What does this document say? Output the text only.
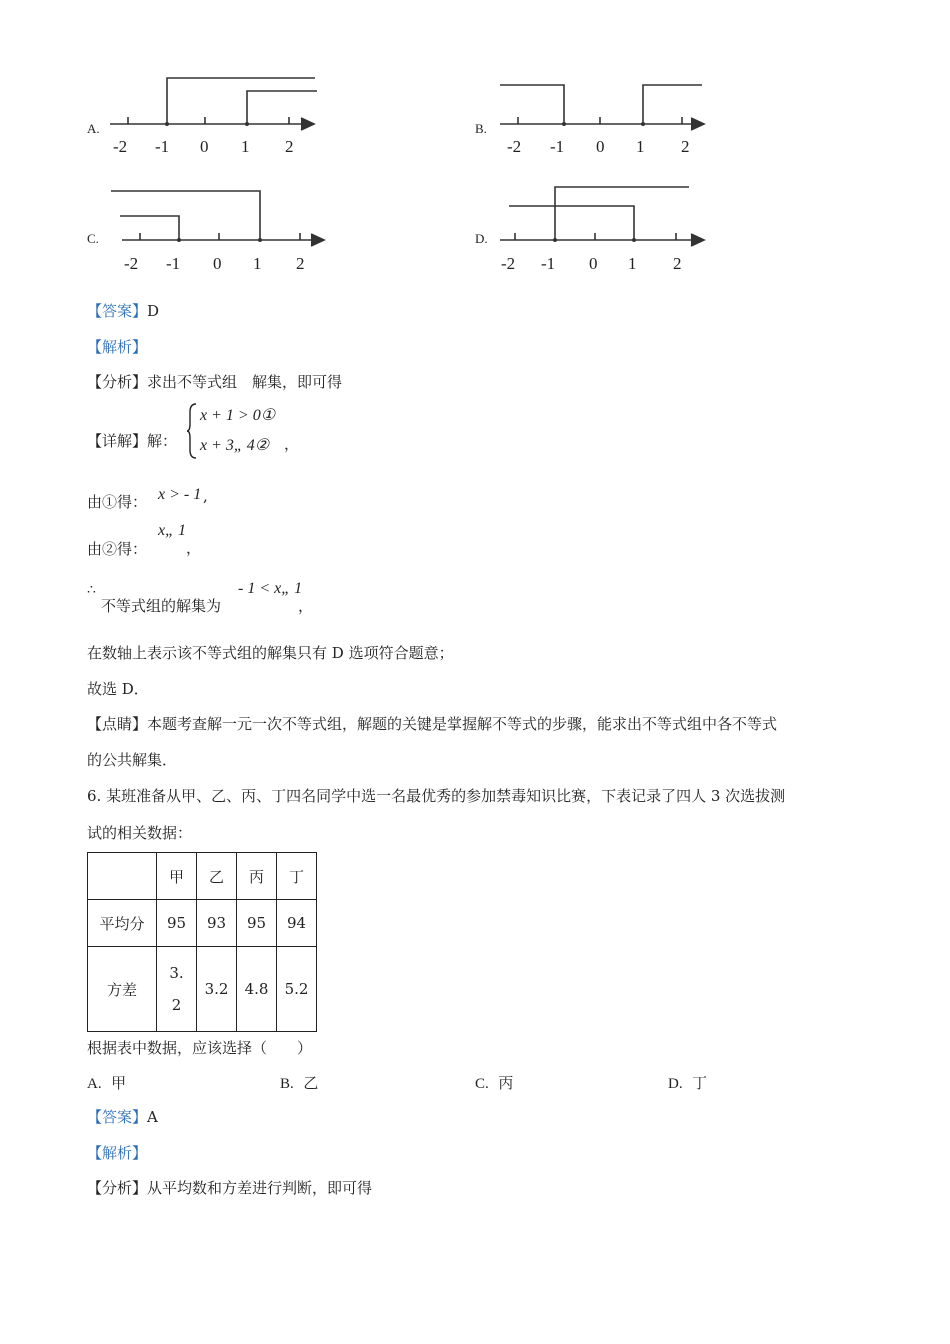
A.
-2 -1 0 1 2
B.
-2 -1 0 1 2
C.
-2 -1 0 1 2
D.
-2 -1 0 1 2
【答案】D
【解析】
【分析】求出不等式组　解集，即可得
【详解】解：
x + 1 > 0①
x + 3„ 4② ，
由①得： x > - 1 ,
由②得：
x„ 1
，
∴
不等式组的解集为
- 1 < x„ 1
，
在数轴上表示该不等式组的解集只有 D 选项符合题意；
故选 D．
【点睛】本题考查解一元一次不等式组，解题的关键是掌握解不等式的步骤，能求出不等式组中各不等式
的公共解集．
6. 某班准备从甲、乙、丙、丁四名同学中选一名最优秀的参加禁毒知识比赛，下表记录了四人 3 次选拔测
试的相关数据：
	甲	乙	丙	丁
平均分	95	93	95	94
方差	3.
2	3.2	4.8	5.2
根据表中数据，应该选择（　　）
A. 甲	B. 乙	C. 丙	D. 丁
【答案】A
【解析】
【分析】从平均数和方差进行判断，即可得
